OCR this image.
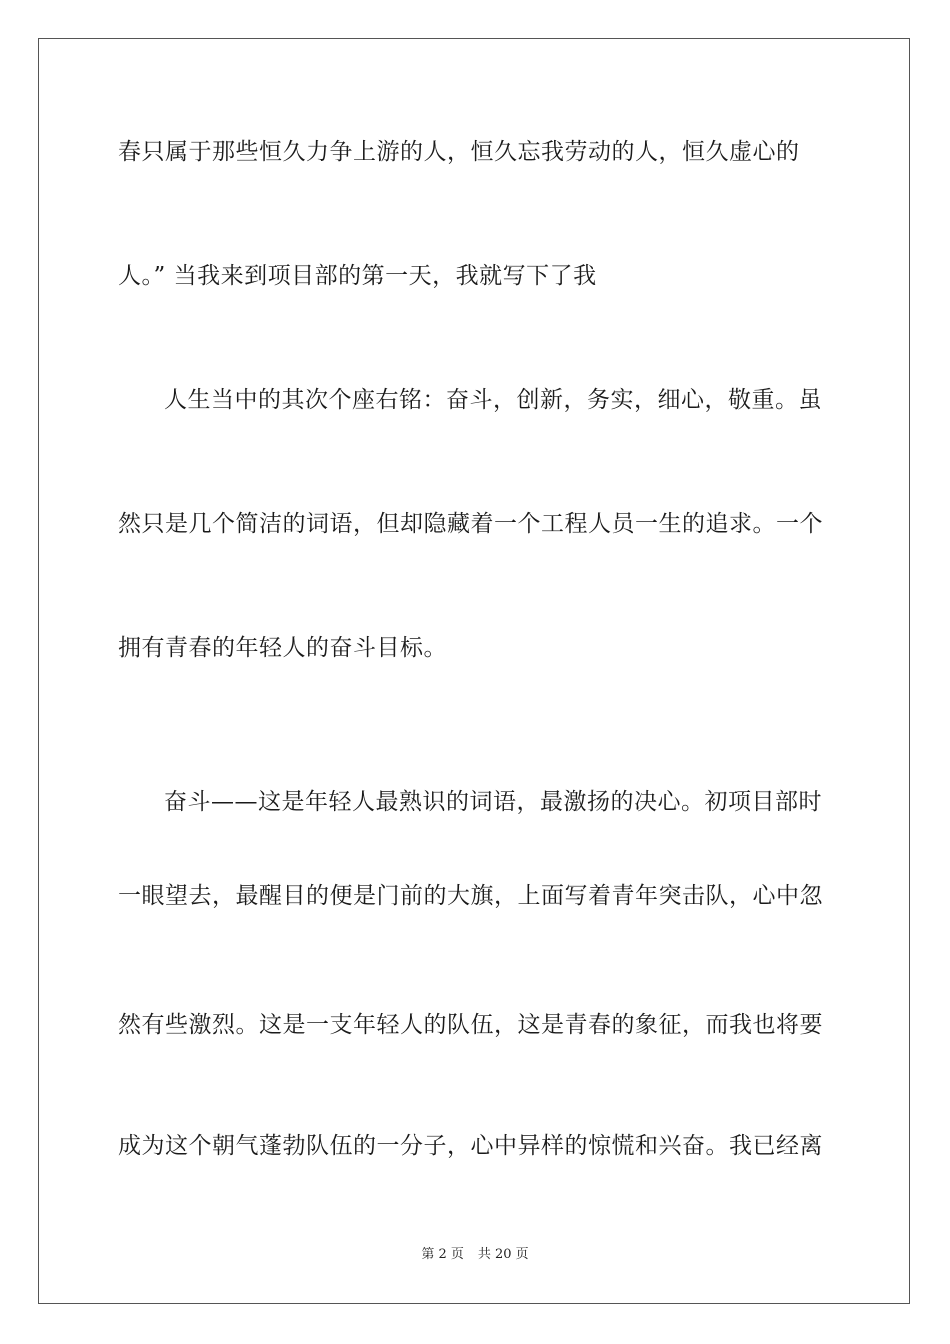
春只属于那些恒久力争上游的人，恒久忘我劳动的人，恒久虚心的
人。” 当我来到项目部的第一天，我就写下了我
人生当中的其次个座右铭：奋斗，创新，务实，细心，敬重。虽
然只是几个简洁的词语，但却隐藏着一个工程人员一生的追求。一个
拥有青春的年轻人的奋斗目标。
奋斗——这是年轻人最熟识的词语，最激扬的决心。初项目部时
一眼望去，最醒目的便是门前的大旗，上面写着青年突击队，心中忽
然有些激烈。这是一支年轻人的队伍，这是青春的象征，而我也将要
成为这个朝气蓬勃队伍的一分子，心中异样的惊慌和兴奋。我已经离
第 2 页 共 20 页
